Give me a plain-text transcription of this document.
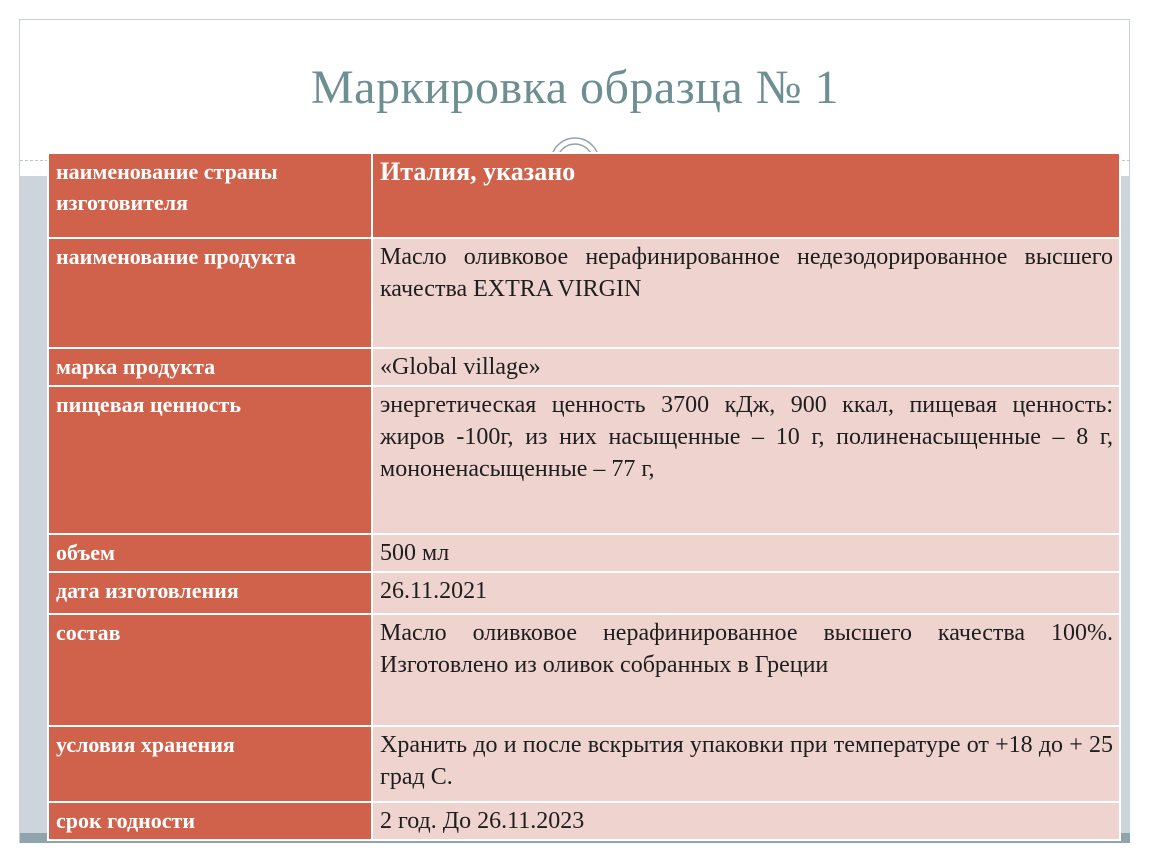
Маркировка образца № 1
наименование страны изготовителя	Италия, указано
наименование продукта	Масло оливковое нерафинированное недезодорированное высшего качества EXTRA VIRGIN
марка продукта	«Global village»
пищевая ценность	энергетическая ценность 3700 кДж, 900 ккал, пищевая ценность: жиров -100г, из них насыщенные – 10 г, полиненасыщенные – 8 г, мононенасыщенные – 77 г,
объем	500 мл
дата изготовления	26.11.2021
состав	Масло оливковое нерафинированное высшего качества 100%. Изготовлено из оливок собранных в Греции
условия хранения	Хранить до и после вскрытия упаковки при температуре от +18 до + 25 град С.
срок годности	2 год. До 26.11.2023
